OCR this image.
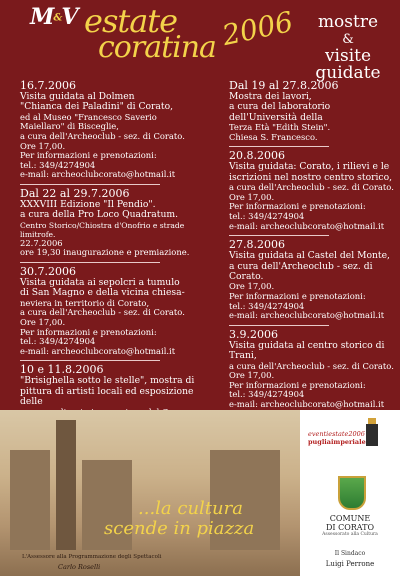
M&V estate
coratina 2006	mostre
&
visite
guidate
16.7.2006
Visita guidata al Dolmen
"Chianca dei Paladini" di Corato,
ed al Museo "Francesco Saverio
Maiellaro" di Bisceglie,
a cura dell'Archeoclub - sez. di Corato.
Ore 17,00.
Per informazioni e prenotazioni:
tel.: 349/4274904
e-mail: archeoclubcorato@hotmail.it
Dal 22 al 29.7.2006
XXXVIII Edizione "Il Pendio".
a cura della Pro Loco Quadratum.
Centro Storico/Chiostra d'Onofrio e strade limitrofe.
22.7.2006
ore 19,30 inaugurazione e premiazione.
30.7.2006
Visita guidata ai sepolcri a tumulo
di San Magno e della vicina chiesa-
neviera in territorio di Corato,
a cura dell'Archeoclub - sez. di Corato.
Ore 17,00.
Per informazioni e prenotazioni:
tel.: 349/4274904
e-mail: archeoclubcorato@hotmail.it
10 e 11.8.2006
"Brisighella sotto le stelle", mostra di
pittura di artisti locali ed esposizione delle
Dal 19 al 27.8.2006
Mostra dei lavori,
a cura del laboratorio dell'Università della
Terza Età "Edith Stein".
Chiesa S. Francesco.
20.8.2006
Visita guidata: Corato, i rilievi e le
iscrizioni nel nostro centro storico,
a cura dell'Archeoclub - sez. di Corato.
Ore 17,00.
Per informazioni e prenotazioni:
tel.: 349/4274904
e-mail: archeoclubcorato@hotmail.it
27.8.2006
Visita guidata al Castel del Monte,
a cura dell'Archeoclub - sez. di Corato.
Ore 17,00.
Per informazioni e prenotazioni:
tel.: 349/4274904
e-mail: archeoclubcorato@hotmail.it
3.9.2006
Visita guidata al centro storico di
Trani,
a cura dell'Archeoclub - sez. di Corato.
Ore 17,00.
Per informazioni e prenotazioni:
tel.: 349/4274904
e-mail: archeoclubcorato@hotmail.it
...la cultura
scende in piazza
L'Assessore alla Programmazione degli Spettacoli
Carlo Roselli
eventiestate2006
pugliaimperiale
COMUNE
DI CORATO
Assessorato alla Cultura
Il Sindaco
Luigi Perrone
